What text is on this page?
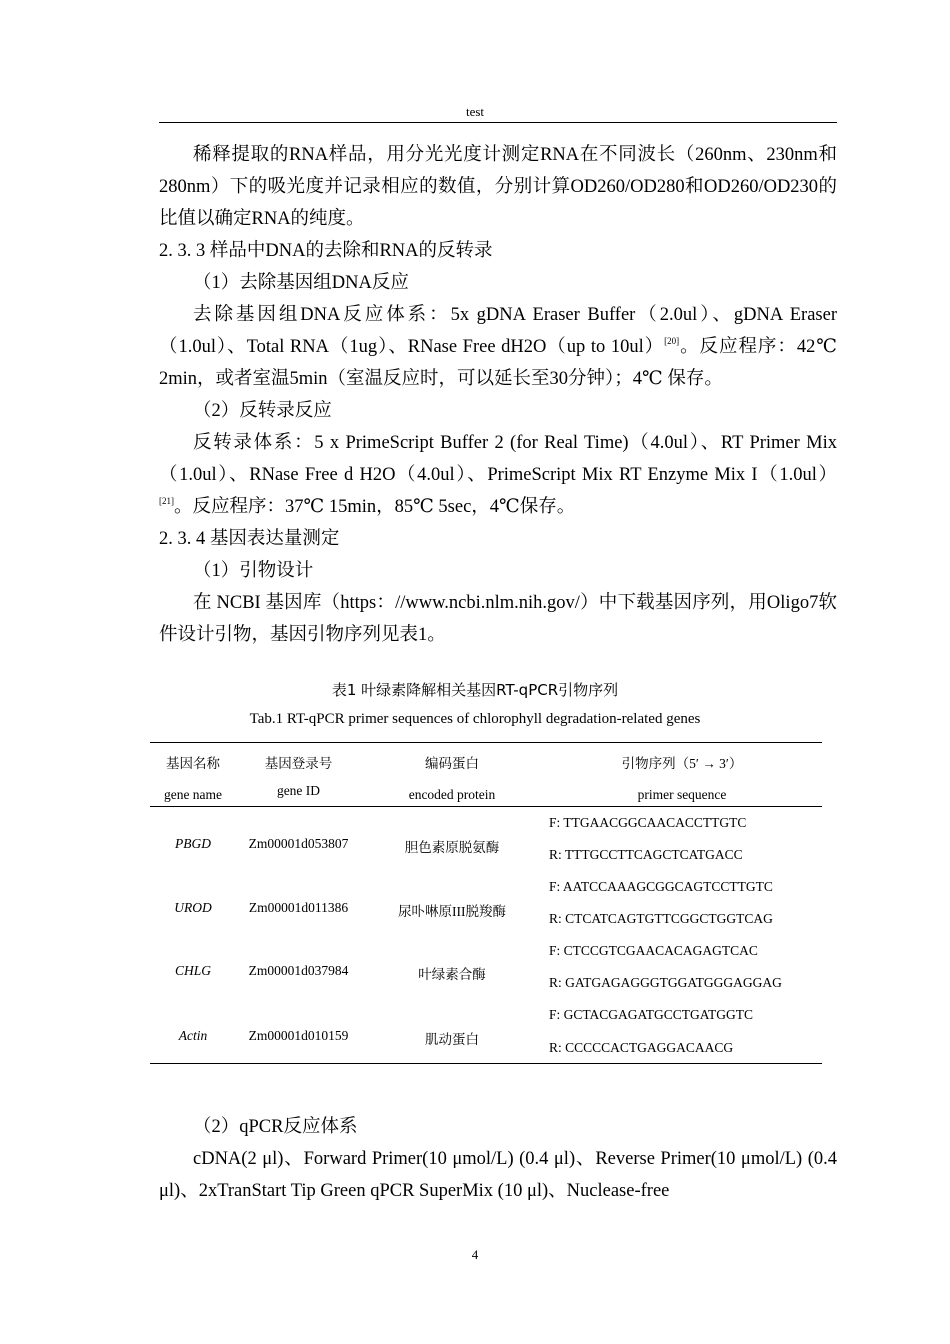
test

稀释提取的RNA样品，用分光光度计测定RNA在不同波长（260nm、230nm和280nm）下的吸光度并记录相应的数值，分别计算OD260/OD280和OD260/OD230的比值以确定RNA的纯度。

2. 3. 3 样品中DNA的去除和RNA的反转录

（1）去除基因组DNA反应

去除基因组DNA反应体系：5x gDNA Eraser Buffer（2.0ul）、gDNA Eraser（1.0ul）、Total RNA（1ug）、RNase Free dH2O（up to 10ul）[20]。反应程序：42℃ 2min，或者室温5min（室温反应时，可以延长至30分钟）；4℃ 保存。

（2）反转录反应

反转录体系：5 x PrimeScript Buffer 2 (for Real Time)（4.0ul）、RT Primer Mix（1.0ul）、RNase Free d H2O（4.0ul）、PrimeScript Mix RT Enzyme Mix I（1.0ul）[21]。反应程序：37℃ 15min，85℃ 5sec，4℃保存。

2. 3. 4 基因表达量测定

（1）引物设计

在 NCBI 基因库（https：//www.ncbi.nlm.nih.gov/）中下载基因序列，用Oligo7软件设计引物，基因引物序列见表1。

表1 叶绿素降解相关基因RT-qPCR引物序列
Tab.1 RT-qPCR primer sequences of chlorophyll degradation-related genes
基因名称	基因登录号	编码蛋白	引物序列（5′ → 3′）
gene name	gene ID	encoded protein	primer sequence
PBGD	Zm00001d053807	胆色素原脱氨酶
F: TTGAACGGCAACACCTTGTC
R: TTTGCCTTCAGCTCATGACC
UROD	Zm00001d011386	尿卟啉原III脱羧酶
F: AATCCAAAGCGGCAGTCCTTGTC
R: CTCATCAGTGTTCGGCTGGTCAG
CHLG	Zm00001d037984	叶绿素合酶
F: CTCCGTCGAACACAGAGTCAC
R: GATGAGAGGGTGGATGGGAGGAG
Actin	Zm00001d010159	肌动蛋白
F: GCTACGAGATGCCTGATGGTC
R: CCCCCACTGAGGACAACG

（2）qPCR反应体系

cDNA(2 μl)、Forward Primer(10 μmol/L) (0.4 μl)、Reverse Primer(10 μmol/L) (0.4 μl)、2xTranStart Tip Green qPCR SuperMix (10 μl)、Nuclease-free

4
